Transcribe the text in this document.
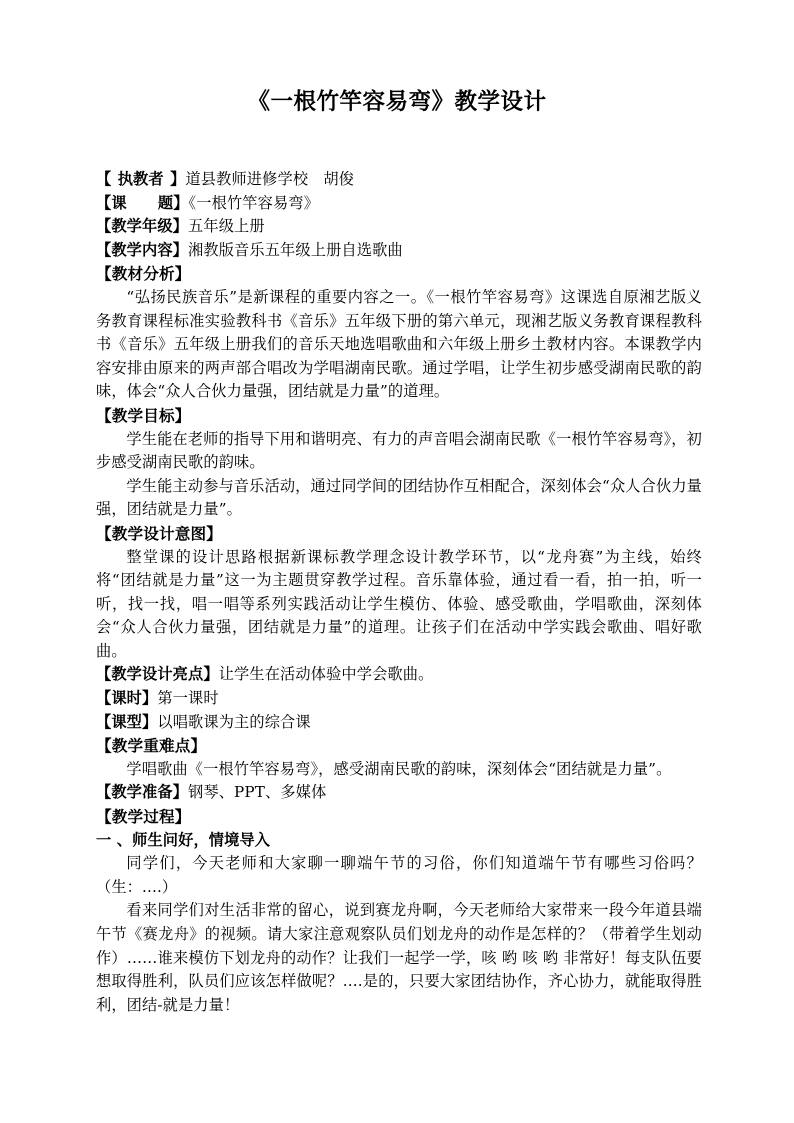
《一根竹竿容易弯》教学设计

【 执教者 】道县教师进修学校 胡俊

【课 题】《一根竹竿容易弯》

【教学年级】五年级上册

【教学内容】湘教版音乐五年级上册自选歌曲

【教材分析】

“弘扬民族音乐”是新课程的重要内容之一。《一根竹竿容易弯》这课选自原湘艺版义务教育课程标准实验教科书《音乐》五年级下册的第六单元，现湘艺版义务教育课程教科书《音乐》五年级上册我们的音乐天地选唱歌曲和六年级上册乡土教材内容。本课教学内容安排由原来的两声部合唱改为学唱湖南民歌。通过学唱，让学生初步感受湖南民歌的韵味，体会“众人合伙力量强，团结就是力量”的道理。

【教学目标】

学生能在老师的指导下用和谐明亮、有力的声音唱会湖南民歌《一根竹竿容易弯》，初步感受湖南民歌的韵味。

学生能主动参与音乐活动，通过同学间的团结协作互相配合，深刻体会“众人合伙力量强，团结就是力量”。

【教学设计意图】

整堂课的设计思路根据新课标教学理念设计教学环节，以“龙舟赛”为主线，始终将“团结就是力量”这一为主题贯穿教学过程。音乐靠体验，通过看一看，拍一拍，听一听，找一找，唱一唱等系列实践活动让学生模仿、体验、感受歌曲，学唱歌曲，深刻体会“众人合伙力量强，团结就是力量”的道理。让孩子们在活动中学实践会歌曲、唱好歌曲。

【教学设计亮点】让学生在活动体验中学会歌曲。

【课时】第一课时

【课型】以唱歌课为主的综合课

【教学重难点】

学唱歌曲《一根竹竿容易弯》，感受湖南民歌的韵味，深刻体会“团结就是力量”。

【教学准备】钢琴、PPT、多媒体

【教学过程】

一 、师生问好，情境导入

同学们，今天老师和大家聊一聊端午节的习俗，你们知道端午节有哪些习俗吗？（生：....）

看来同学们对生活非常的留心，说到赛龙舟啊，今天老师给大家带来一段今年道县端午节《赛龙舟》的视频。请大家注意观察队员们划龙舟的动作是怎样的？（带着学生划动作）……谁来模仿下划龙舟的动作？让我们一起学一学，咳 哟 咳 哟 非常好！每支队伍要想取得胜利，队员们应该怎样做呢？....是的，只要大家团结协作，齐心协力，就能取得胜利，团结-就是力量！
